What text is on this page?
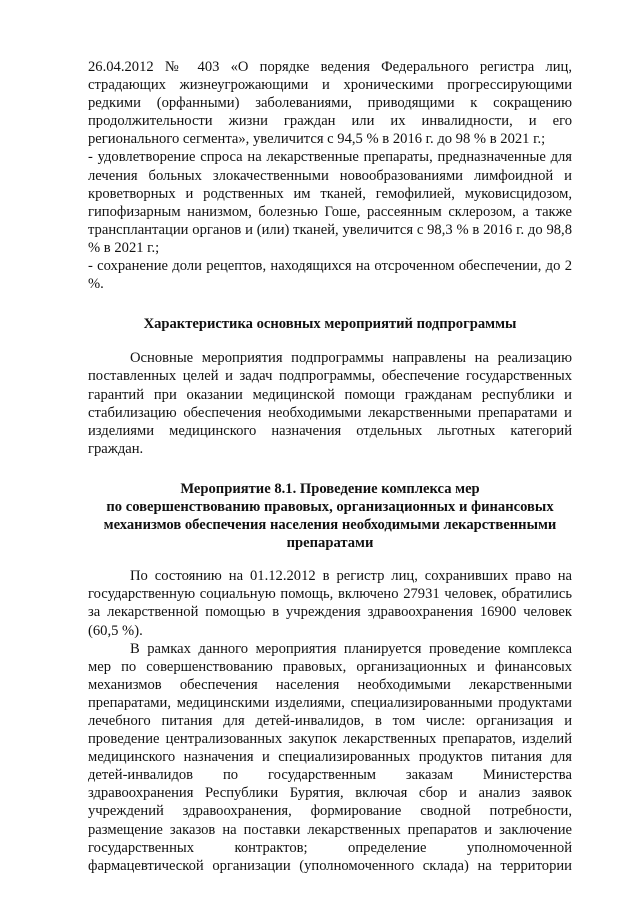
26.04.2012 № 403 «О порядке ведения Федерального регистра лиц, страдающих жизнеугрожающими и хроническими прогрессирующими редкими (орфанными) заболеваниями, приводящими к сокращению продолжительности жизни граждан или их инвалидности, и его регионального сегмента», увеличится с 94,5 % в 2016 г. до 98 % в 2021 г.;

- удовлетворение спроса на лекарственные препараты, предназначенные для лечения больных злокачественными новообразованиями лимфоидной и кроветворных и родственных им тканей, гемофилией, муковисцидозом, гипофизарным нанизмом, болезнью Гоше, рассеянным склерозом, а также трансплантации органов и (или) тканей, увеличится с 98,3 % в 2016 г. до 98,8 % в 2021 г.;

- сохранение доли рецептов, находящихся на отсроченном обеспечении, до 2 %.

Характеристика основных мероприятий подпрограммы

Основные мероприятия подпрограммы направлены на реализацию поставленных целей и задач подпрограммы, обеспечение государственных гарантий при оказании медицинской помощи гражданам республики и стабилизацию обеспечения необходимыми лекарственными препаратами и изделиями медицинского назначения отдельных льготных категорий граждан.

Мероприятие 8.1. Проведение комплекса мер

по совершенствованию правовых, организационных и финансовых

механизмов обеспечения населения необходимыми лекарственными

препаратами

По состоянию на 01.12.2012 в регистр лиц, сохранивших право на государственную социальную помощь, включено 27931 человек, обратились за лекарственной помощью в учреждения здравоохранения 16900 человек (60,5 %).

В рамках данного мероприятия планируется проведение комплекса мер по совершенствованию правовых, организационных и финансовых механизмов обеспечения населения необходимыми лекарственными препаратами, медицинскими изделиями, специализированными продуктами лечебного питания для детей-инвалидов, в том числе: организация и проведение централизованных закупок лекарственных препаратов, изделий медицинского назначения и специализированных продуктов питания для детей-инвалидов по государственным заказам Министерства здравоохранения Республики Бурятия, включая сбор и анализ заявок учреждений здравоохранения, формирование сводной потребности, размещение заказов на поставки лекарственных препаратов и заключение государственных контрактов; определение уполномоченной фармацевтической организации (уполномоченного склада) на территории
